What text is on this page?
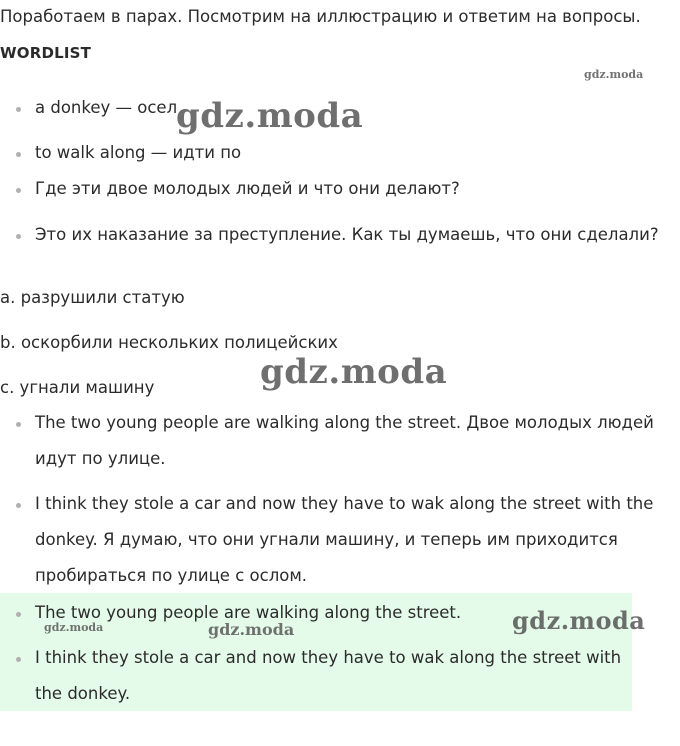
Поработаем в парах. Посмотрим на иллюстрацию и ответим на вопросы.
WORDLIST
a donkey — осел
to walk along — идти по
Где эти двое молодых людей и что они делают?
Это их наказание за преступление. Как ты думаешь, что они сделали?
a. разрушили статую
b. оскорбили нескольких полицейских
c. угнали машину
The two young people are walking along the street. Двое молодых людей идут по улице.
I think they stole a car and now they have to wak along the street with the donkey. Я думаю, что они угнали машину, и теперь им приходится пробираться по улице с ослом.
The two young people are walking along the street.
I think they stole a car and now they have to wak along the street with the donkey.
gdz.moda
gdz.moda
gdz.moda
gdz.moda	gdz.moda	gdz.moda
